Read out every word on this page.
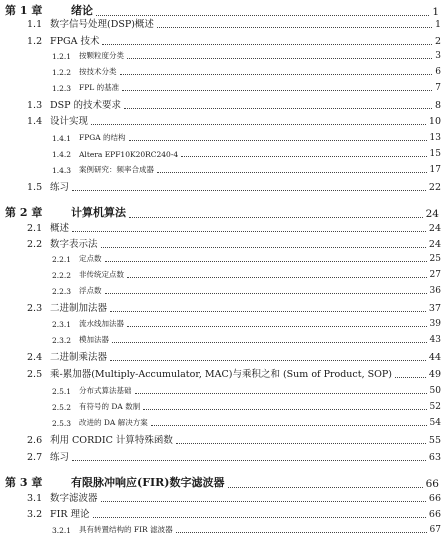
第 1 章	绪论	1
1.1 数字信号处理(DSP)概述	1
1.2 FPGA 技术	2
1.2.1 按颗粒度分类	3
1.2.2 按技术分类	6
1.2.3 FPL 的基准	7
1.3 DSP 的技术要求	8
1.4 设计实现	10
1.4.1 FPGA 的结构	13
1.4.2 Altera EPF10K20RC240-4	15
1.4.3 案例研究：频率合成器	17
1.5 练习	22
第 2 章	计算机算法	24
2.1 概述	24
2.2 数字表示法	24
2.2.1 定点数	25
2.2.2 非传统定点数	27
2.2.3 浮点数	36
2.3 二进制加法器	37
2.3.1 流水线加法器	39
2.3.2 模加法器	43
2.4 二进制乘法器	44
2.5 乘-累加器(Multiply-Accumulator, MAC)与乘积之和 (Sum of Product, SOP)	49
2.5.1 分布式算法基础	50
2.5.2 有符号的 DA 数制	52
2.5.3 改进的 DA 解决方案	54
2.6 利用 CORDIC 计算特殊函数	55
2.7 练习	63
第 3 章	有限脉冲响应(FIR)数字滤波器	66
3.1 数字滤波器	66
3.2 FIR 理论	66
3.2.1 具有转置结构的 FIR 滤波器	67
